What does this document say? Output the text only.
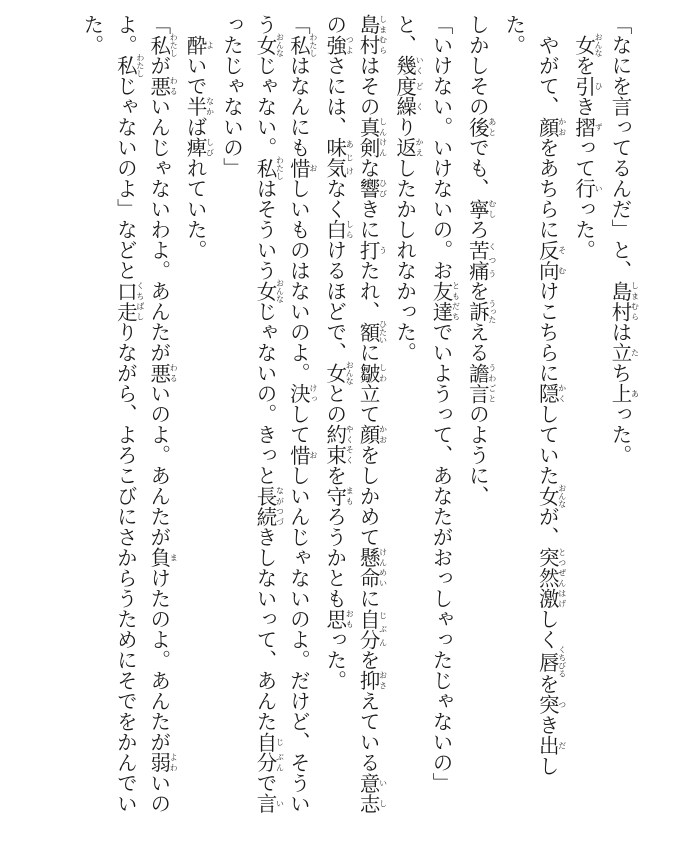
「なにを言ってるんだ」と、島村しまむらは立たち上あった。

　女おんなを引ひき摺ずって行いった。

　やがて、顔かおをあちらに反向そむけこちらに隠かくしていた女おんなが、突然とつぜん激はげしく唇くちびるを突つき出だした。

しかしその後あとでも、寧むしろ苦痛くつうを訴うったえる譫言うわごとのように、

「いけない。いけないの。お友達ともだちでいようって、あなたがおっしゃったじゃないの」

と、幾いく度ど繰くり返かえしたかしれなかった。

島村しまむらはその真剣しんけんな響ひびきに打うたれ、額ひたいに皺しわ立て顔かおをしかめて懸命けんめいに自分じぶんを抑おさえている意志いしの強つよさには、味気あじけなく白しらけるほどで、女おんなとの約束やくそくを守まもろうかとも思おもった。

「私わたしはなんにも惜おしいものはないのよ。決けっして惜おしいんじゃないのよ。だけど、そういう女おんなじゃない。私わたしはそういう女おんなじゃないの。きっと長続ながつづきしないって、あんた自じ分ぶんで言いったじゃないの」

　酔よいで半なかば痺しびれていた。

「私わたしが悪わるいんじゃないわよ。あんたが悪わるいのよ。あんたが負まけたのよ。あんたが弱よわいのよ。私わたしじゃないのよ」などと口走くちばしりながら、よろこびにさからうためにそでをかんでいた。
